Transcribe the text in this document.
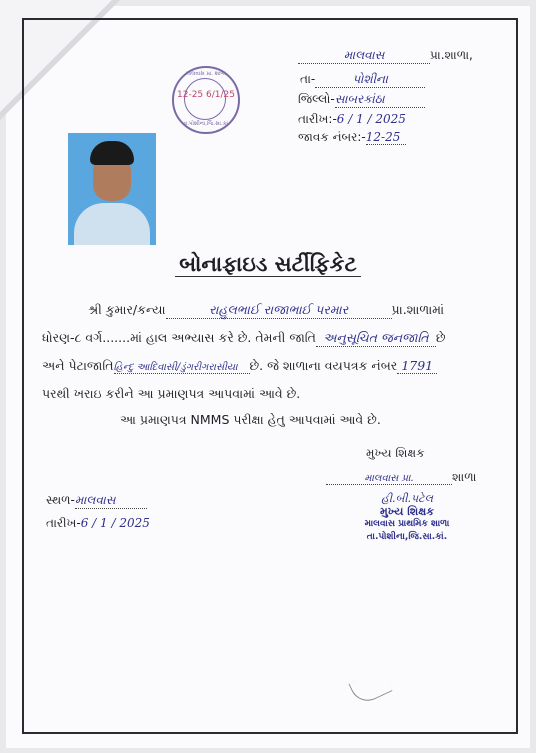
માલવાસ	પ્રા.શાળા,
તા-	પોશીના
જિલ્લો-સાબરકાંઠા
તારીખ:-6 / 1 / 2025
જાવક નંબર:-12-25
માલવાસ પ્રા. શાળા
12-25 6/1/25
તા.પોશીના,જિ.સા.કાં.
બોનાફાઇડ સર્ટીફિકેટ
શ્રી કુમાર/કન્યા	રાહુલભાઈ રાજાભાઈ પરમાર	પ્રા.શાળામાં
ધોરણ-૮ વર્ગ.......માં હાલ અભ્યાસ કરે છે. તેમની જાતિ અનુસૂચિત જનજાતિ છે
અને પેટાજાતિહિન્દુ આદિવાસી/ડુંગરીગરાસીયા છે. જે શાળાના વયપત્રક નંબર 1791
પરથી ખરાઇ કરીને આ પ્રમાણપત્ર આપવામાં આવે છે.
આ પ્રમાણપત્ર NMMS પરીક્ષા હેતુ આપવામાં આવે છે.
મુખ્ય શિક્ષક
માલવાસ પ્રા.	શાળા
સ્થળ-માલવાસ
તારીખ-6 / 1 / 2025
હી.બી.પટેલ
મુખ્ય શિક્ષક
માલવાસ પ્રાથમિક શાળા
તા.પોશીના,જિ.સા.કાં.
